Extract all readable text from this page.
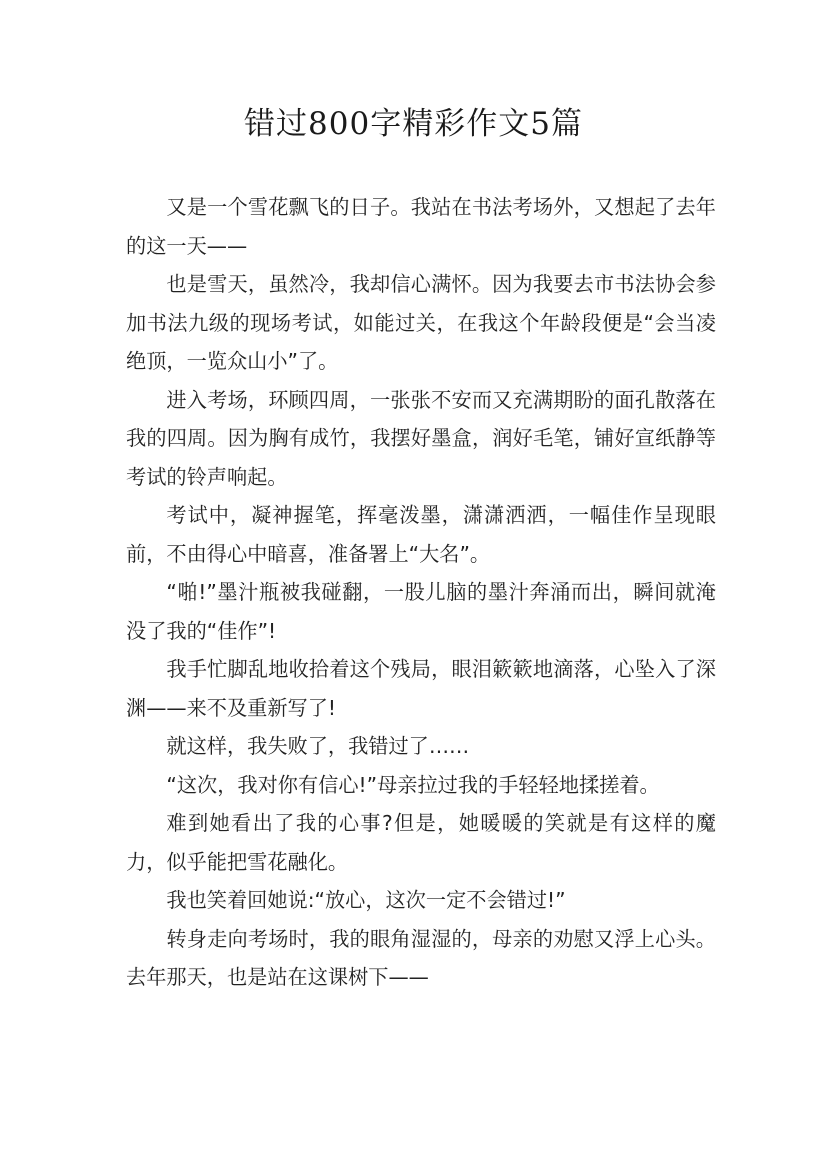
错过800字精彩作文5篇

又是一个雪花飘飞的日子。我站在书法考场外，又想起了去年的这一天——

也是雪天，虽然冷，我却信心满怀。因为我要去市书法协会参加书法九级的现场考试，如能过关，在我这个年龄段便是“会当凌绝顶，一览众山小”了。

进入考场，环顾四周，一张张不安而又充满期盼的面孔散落在我的四周。因为胸有成竹，我摆好墨盒，润好毛笔，铺好宣纸静等考试的铃声响起。

考试中，凝神握笔，挥毫泼墨，潇潇洒洒，一幅佳作呈现眼前，不由得心中暗喜，准备署上“大名”。

“啪!”墨汁瓶被我碰翻，一股儿脑的墨汁奔涌而出，瞬间就淹没了我的“佳作”!

我手忙脚乱地收拾着这个残局，眼泪簌簌地滴落，心坠入了深渊——来不及重新写了!

就这样，我失败了，我错过了……

“这次，我对你有信心!”母亲拉过我的手轻轻地揉搓着。

难到她看出了我的心事?但是，她暖暖的笑就是有这样的魔力，似乎能把雪花融化。

我也笑着回她说:“放心，这次一定不会错过!”

转身走向考场时，我的眼角湿湿的，母亲的劝慰又浮上心头。去年那天，也是站在这课树下——
